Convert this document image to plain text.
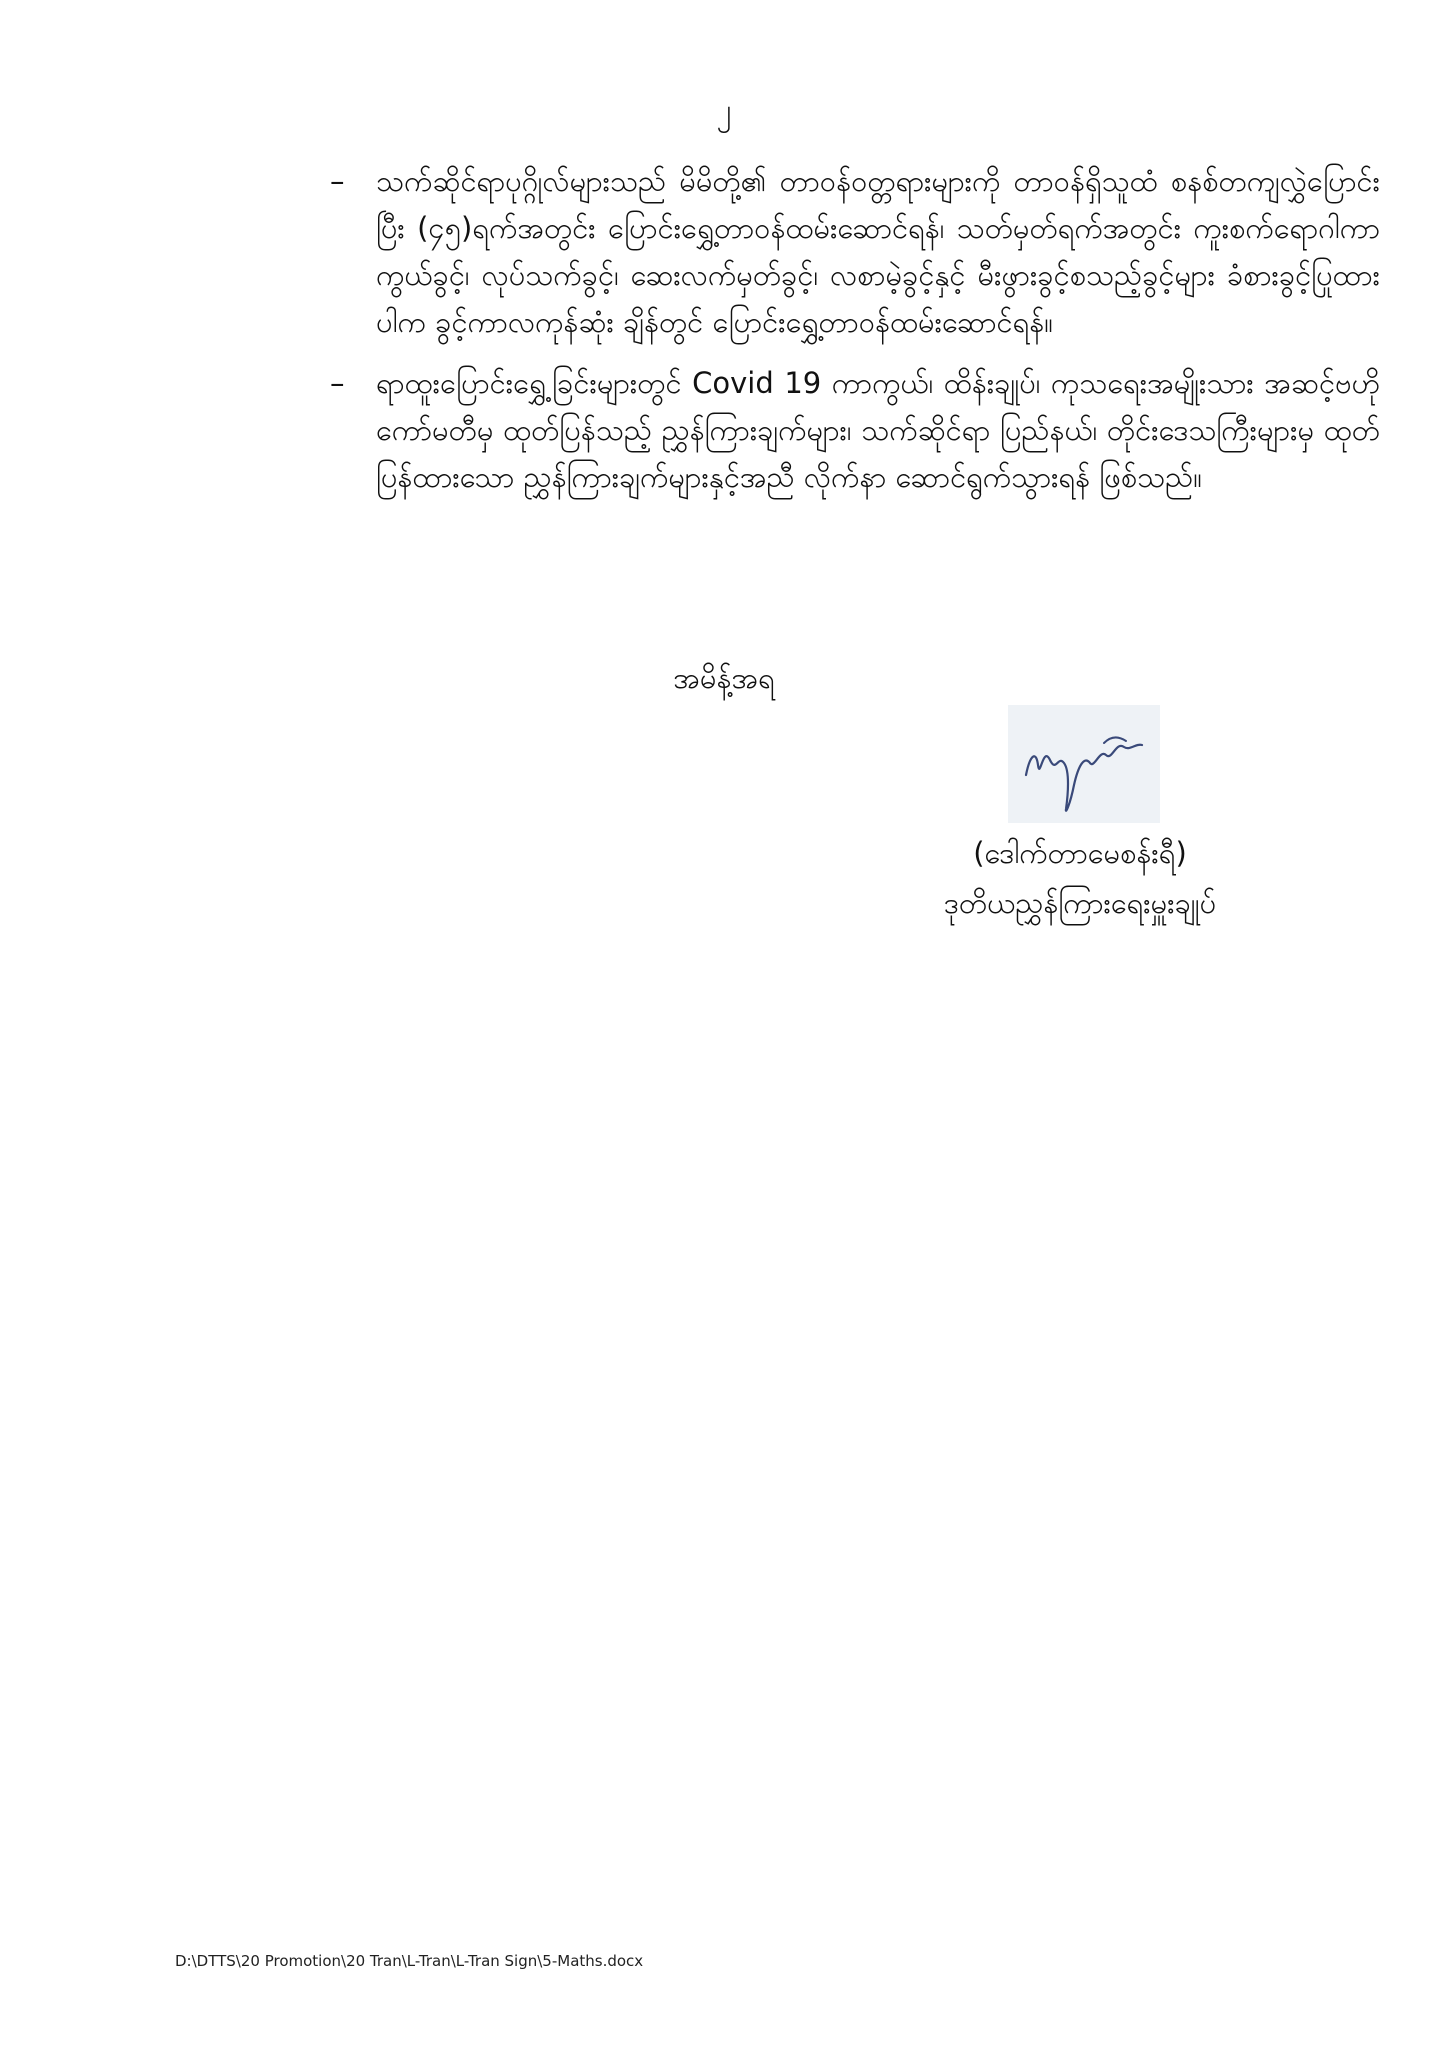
၂
– သက်ဆိုင်ရာပုဂ္ဂိုလ်များသည် မိမိတို့၏ တာဝန်ဝတ္တရားများကို တာဝန်ရှိသူထံ စနစ်တကျလွှဲပြောင်းပြီး (၄၅)ရက်အတွင်း ပြောင်းရွှေ့တာဝန်ထမ်းဆောင်ရန်၊ သတ်မှတ်ရက်အတွင်း ကူးစက်ရောဂါကာကွယ်ခွင့်၊ လုပ်သက်ခွင့်၊ ဆေးလက်မှတ်ခွင့်၊ လစာမဲ့ခွင့်နှင့် မီးဖွားခွင့်စသည့်ခွင့်များ ခံစားခွင့်ပြုထားပါက ခွင့်ကာလကုန်ဆုံး ချိန်တွင် ပြောင်းရွှေ့တာဝန်ထမ်းဆောင်ရန်။
– ရာထူးပြောင်းရွှေ့ခြင်းများတွင် Covid 19 ကာကွယ်၊ ထိန်းချုပ်၊ ကုသရေးအမျိုးသား အဆင့်ဗဟိုကော်မတီမှ ထုတ်ပြန်သည့် ညွှန်ကြားချက်များ၊ သက်ဆိုင်ရာ ပြည်နယ်၊ တိုင်းဒေသကြီးများမှ ထုတ်ပြန်ထားသော ညွှန်ကြားချက်များနှင့်အညီ လိုက်နာ ဆောင်ရွက်သွားရန် ဖြစ်သည်။
အမိန့်အရ
(ဒေါက်တာမေစန်းရီ)
ဒုတိယညွှန်ကြားရေးမှူးချုပ်
D:\DTTS\20 Promotion\20 Tran\L-Tran\L-Tran Sign\5-Maths.docx
